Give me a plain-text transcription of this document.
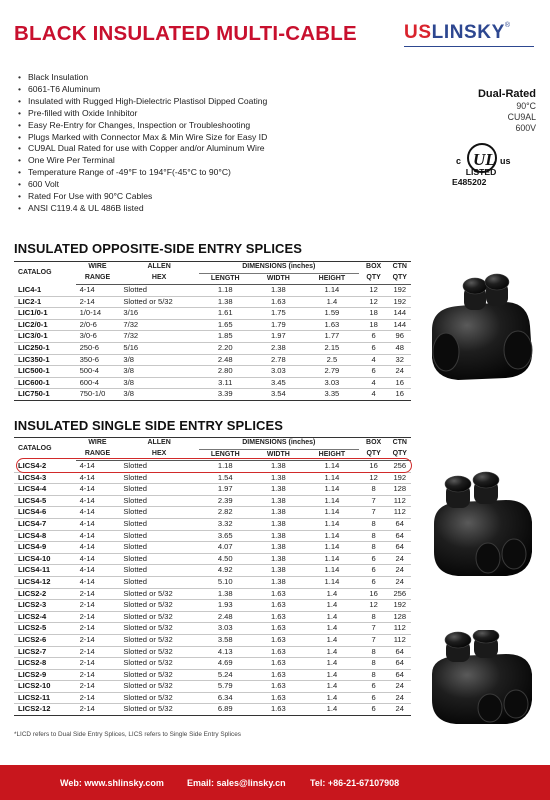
BLACK INSULATED MULTI-CABLE USLINSKY®
• Black Insulation
• 6061-T6 Aluminum
• Insulated with Rugged High-Dielectric Plastisol Dipped Coating
• Pre-filled with Oxide Inhibitor
• Easy Re-Entry for Changes, Inspection or Troubleshooting
• Plugs Marked with Connector Max & Min Wire Size for Easy ID
• CU9AL Dual Rated for use with Copper and/or Aluminum Wire
• One Wire Per Terminal
• Temperature Range of -49°F to 194°F(-45°C to 90°C)
• 600 Volt
• Rated For Use with 90°C Cables
• ANSI C119.4 & UL 486B listed
Dual-Rated
90°C
CU9AL
600V
c UL us
LISTED
E485202
INSULATED OPPOSITE-SIDE ENTRY SPLICES
CATALOG	WIRE	ALLEN	DIMENSIONS (inches)			BOX	CTN
	RANGE	HEX	LENGTH	WIDTH	HEIGHT	QTY	QTY
LIC4-1	4-14	Slotted	1.18	1.38	1.14	12	192
LIC2-1	2-14	Slotted or 5/32	1.38	1.63	1.4	12	192
LIC1/0-1	1/0-14	3/16	1.61	1.75	1.59	18	144
LIC2/0-1	2/0-6	7/32	1.65	1.79	1.63	18	144
LIC3/0-1	3/0-6	7/32	1.85	1.97	1.77	6	96
LIC250-1	250-6	5/16	2.20	2.38	2.15	6	48
LIC350-1	350-6	3/8	2.48	2.78	2.5	4	32
LIC500-1	500-4	3/8	2.80	3.03	2.79	6	24
LIC600-1	600-4	3/8	3.11	3.45	3.03	4	16
LIC750-1	750-1/0	3/8	3.39	3.54	3.35	4	16
INSULATED SINGLE SIDE ENTRY SPLICES
CATALOG	WIRE	ALLEN	DIMENSIONS (inches)			BOX	CTN
	RANGE	HEX	LENGTH	WIDTH	HEIGHT	QTY	QTY
LICS4-2	4-14	Slotted	1.18	1.38	1.14	16	256
LICS4-3	4-14	Slotted	1.54	1.38	1.14	12	192
LICS4-4	4-14	Slotted	1.97	1.38	1.14	8	128
LICS4-5	4-14	Slotted	2.39	1.38	1.14	7	112
LICS4-6	4-14	Slotted	2.82	1.38	1.14	7	112
LICS4-7	4-14	Slotted	3.32	1.38	1.14	8	64
LICS4-8	4-14	Slotted	3.65	1.38	1.14	8	64
LICS4-9	4-14	Slotted	4.07	1.38	1.14	8	64
LICS4-10	4-14	Slotted	4.50	1.38	1.14	6	24
LICS4-11	4-14	Slotted	4.92	1.38	1.14	6	24
LICS4-12	4-14	Slotted	5.10	1.38	1.14	6	24
LICS2-2	2-14	Slotted or 5/32	1.38	1.63	1.4	16	256
LICS2-3	2-14	Slotted or 5/32	1.93	1.63	1.4	12	192
LICS2-4	2-14	Slotted or 5/32	2.48	1.63	1.4	8	128
LICS2-5	2-14	Slotted or 5/32	3.03	1.63	1.4	7	112
LICS2-6	2-14	Slotted or 5/32	3.58	1.63	1.4	7	112
LICS2-7	2-14	Slotted or 5/32	4.13	1.63	1.4	8	64
LICS2-8	2-14	Slotted or 5/32	4.69	1.63	1.4	8	64
LICS2-9	2-14	Slotted or 5/32	5.24	1.63	1.4	8	64
LICS2-10	2-14	Slotted or 5/32	5.79	1.63	1.4	6	24
LICS2-11	2-14	Slotted or 5/32	6.34	1.63	1.4	6	24
LICS2-12	2-14	Slotted or 5/32	6.89	1.63	1.4	6	24
*LICD refers to Dual Side Entry Splices, LICS refers to Single Side Entry Splices
Web: www.shlinsky.com	Email: sales@linsky.cn	Tel: +86-21-67107908
